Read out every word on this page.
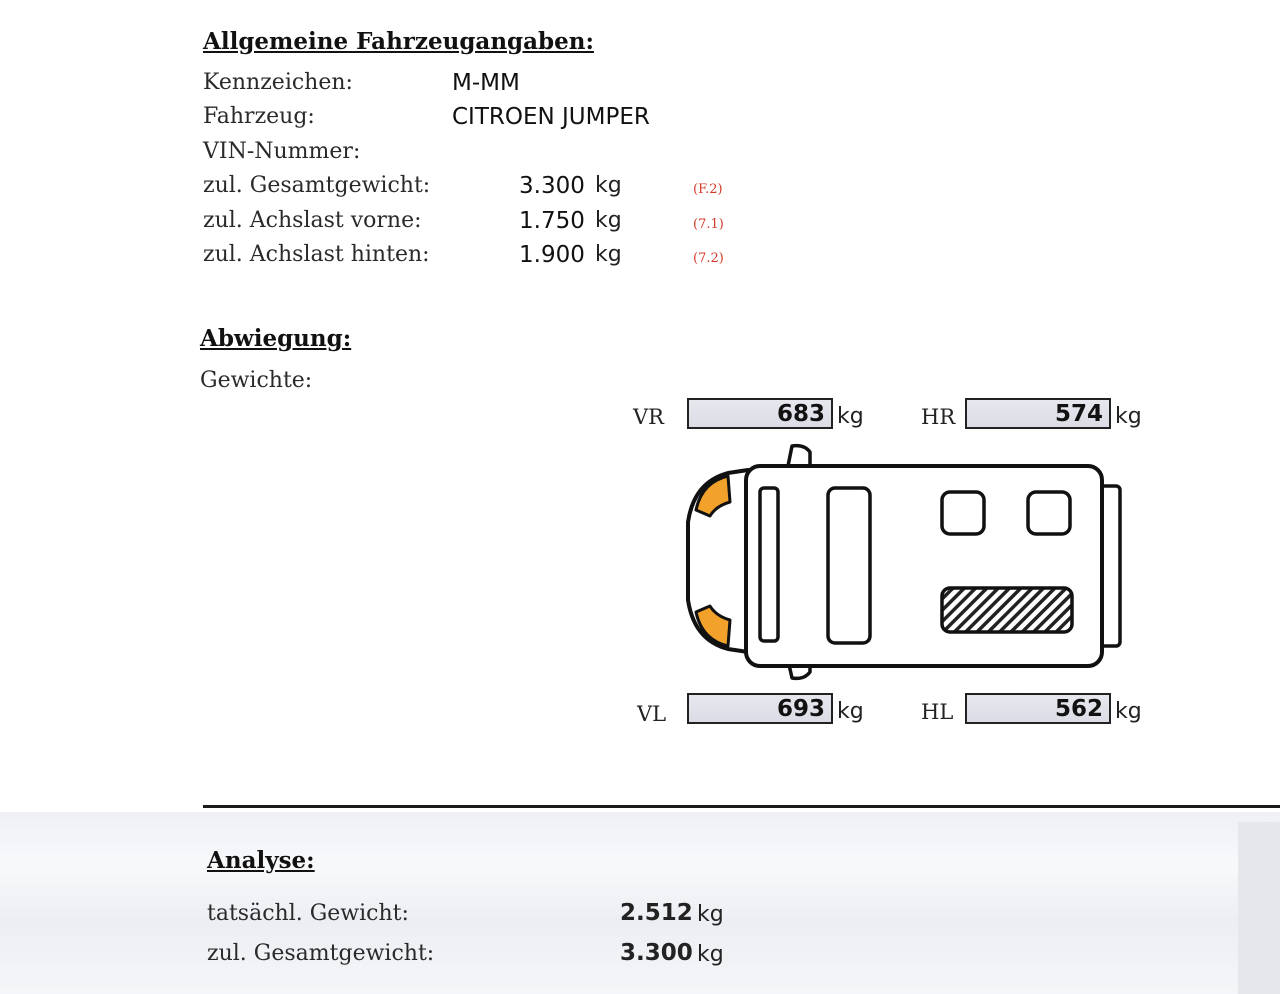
Allgemeine Fahrzeugangaben:
Kennzeichen:	M-MM
Fahrzeug:	CITROEN JUMPER
VIN-Nummer:
zul. Gesamtgewicht:	3.300 kg	(F.2)
zul. Achslast vorne:	1.750 kg	(7.1)
zul. Achslast hinten:	1.900 kg	(7.2)
Abwiegung:
Gewichte:
VR	683 kg	HR	574 kg
VL	693 kg	HL	562 kg
Analyse:
tatsächl. Gewicht:	2.512 kg
zul. Gesamtgewicht:	3.300 kg
